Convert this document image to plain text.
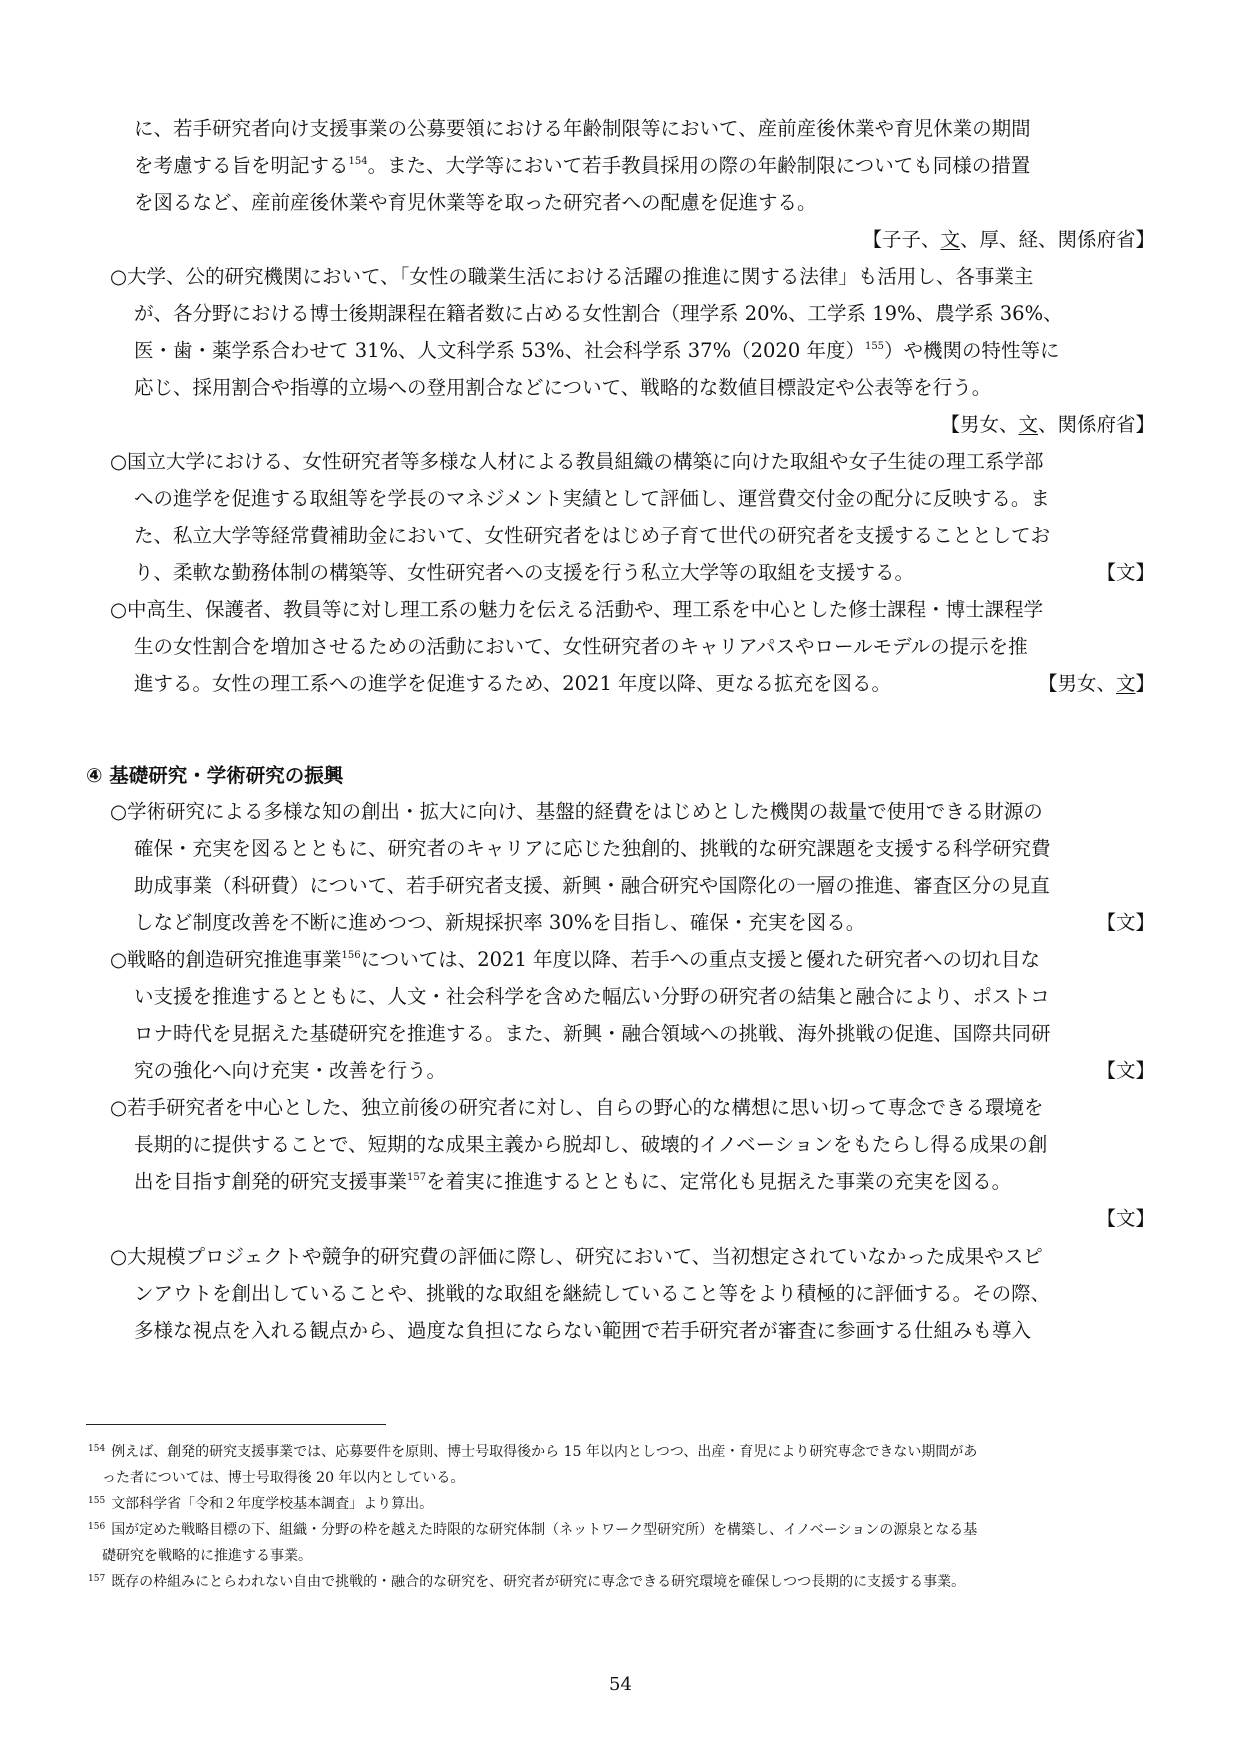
に、若手研究者向け支援事業の公募要領における年齢制限等において、産前産後休業や育児休業の期間
を考慮する旨を明記する$^{154}$。また、大学等において若手教員採用の際の年齢制限についても同様の措置
を図るなど、産前産後休業や育児休業等を取った研究者への配慮を促進する。
【子子、文、厚、経、関係府省】
○大学、公的研究機関において、「女性の職業生活における活躍の推進に関する法律」も活用し、各事業主
が、各分野における博士後期課程在籍者数に占める女性割合（理学系 20%、工学系 19%、農学系 36%、
医・歯・薬学系合わせて 31%、人文科学系 53%、社会科学系 37%（2020 年度）$^{155}$）や機関の特性等に
応じ、採用割合や指導的立場への登用割合などについて、戦略的な数値目標設定や公表等を行う。
【男女、文、関係府省】
○国立大学における、女性研究者等多様な人材による教員組織の構築に向けた取組や女子生徒の理工系学部
への進学を促進する取組等を学長のマネジメント実績として評価し、運営費交付金の配分に反映する。ま
た、私立大学等経常費補助金において、女性研究者をはじめ子育て世代の研究者を支援することとしてお
り、柔軟な勤務体制の構築等、女性研究者への支援を行う私立大学等の取組を支援する。	【文】
○中高生、保護者、教員等に対し理工系の魅力を伝える活動や、理工系を中心とした修士課程・博士課程学
生の女性割合を増加させるための活動において、女性研究者のキャリアパスやロールモデルの提示を推
進する。女性の理工系への進学を促進するため、2021 年度以降、更なる拡充を図る。	【男女、文】
④ 基礎研究・学術研究の振興
○学術研究による多様な知の創出・拡大に向け、基盤的経費をはじめとした機関の裁量で使用できる財源の
確保・充実を図るとともに、研究者のキャリアに応じた独創的、挑戦的な研究課題を支援する科学研究費
助成事業（科研費）について、若手研究者支援、新興・融合研究や国際化の一層の推進、審査区分の見直
しなど制度改善を不断に進めつつ、新規採択率 30%を目指し、確保・充実を図る。	【文】
○戦略的創造研究推進事業$^{156}$については、2021 年度以降、若手への重点支援と優れた研究者への切れ目な
い支援を推進するとともに、人文・社会科学を含めた幅広い分野の研究者の結集と融合により、ポストコ
ロナ時代を見据えた基礎研究を推進する。また、新興・融合領域への挑戦、海外挑戦の促進、国際共同研
究の強化へ向け充実・改善を行う。	【文】
○若手研究者を中心とした、独立前後の研究者に対し、自らの野心的な構想に思い切って専念できる環境を
長期的に提供することで、短期的な成果主義から脱却し、破壊的イノベーションをもたらし得る成果の創
出を目指す創発的研究支援事業$^{157}$を着実に推進するとともに、定常化も見据えた事業の充実を図る。
【文】
○大規模プロジェクトや競争的研究費の評価に際し、研究において、当初想定されていなかった成果やスピ
ンアウトを創出していることや、挑戦的な取組を継続していること等をより積極的に評価する。その際、
多様な視点を入れる観点から、過度な負担にならない範囲で若手研究者が審査に参画する仕組みも導入
$^{154}$ 例えば、創発的研究支援事業では、応募要件を原則、博士号取得後から 15 年以内としつつ、出産・育児により研究専念できない期間があ
った者については、博士号取得後 20 年以内としている。
$^{155}$ 文部科学省「令和２年度学校基本調査」より算出。
$^{156}$ 国が定めた戦略目標の下、組織・分野の枠を越えた時限的な研究体制（ネットワーク型研究所）を構築し、イノベーションの源泉となる基
礎研究を戦略的に推進する事業。
$^{157}$ 既存の枠組みにとらわれない自由で挑戦的・融合的な研究を、研究者が研究に専念できる研究環境を確保しつつ長期的に支援する事業。
54
